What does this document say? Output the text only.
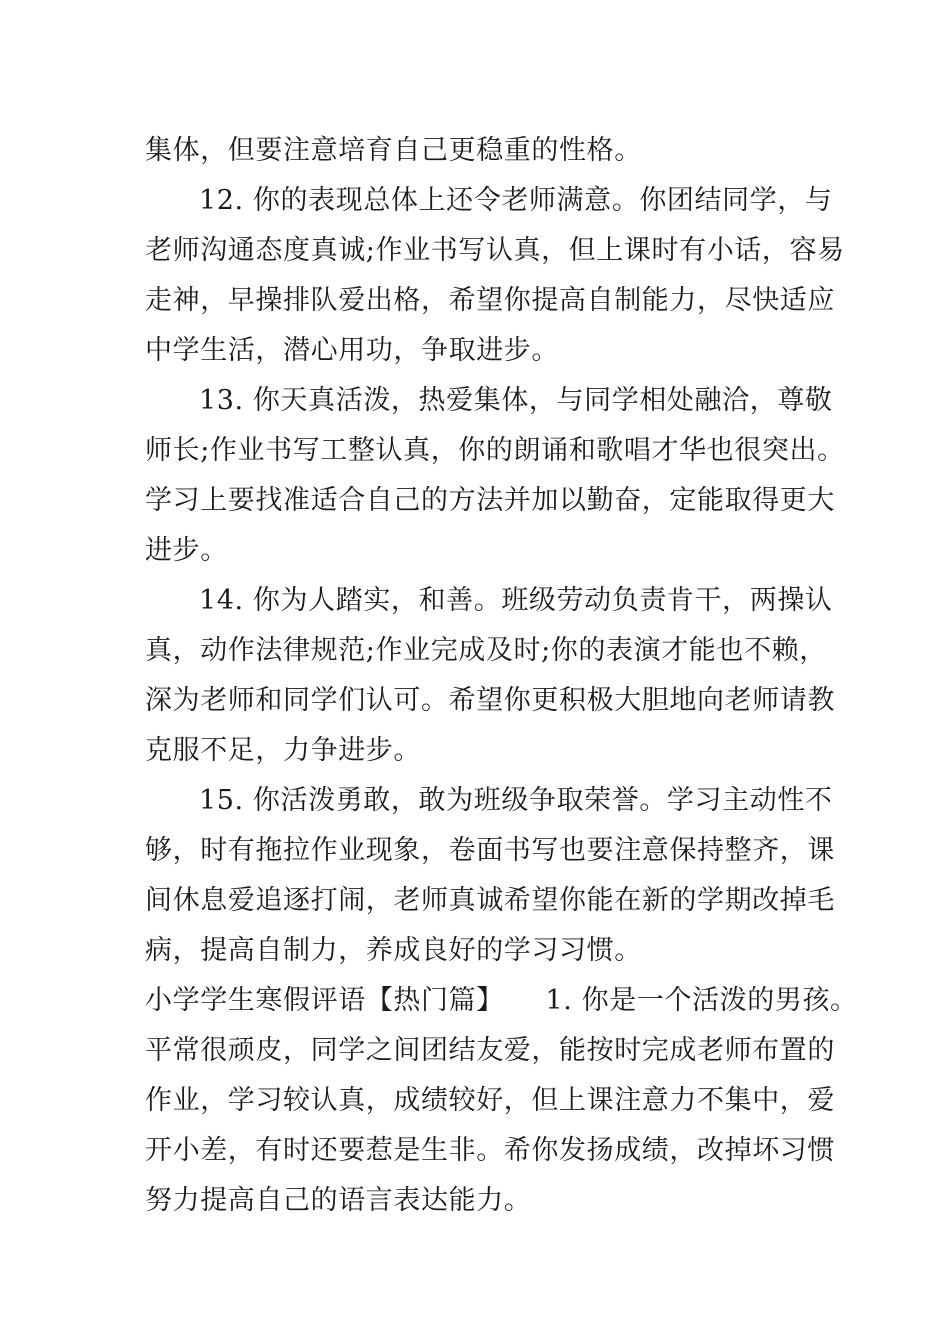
集体，但要注意培育自己更稳重的性格。
12. 你的表现总体上还令老师满意。你团结同学，与
老师沟通态度真诚;作业书写认真，但上课时有小话，容易
走神，早操排队爱出格，希望你提高自制能力，尽快适应
中学生活，潜心用功，争取进步。
13. 你天真活泼，热爱集体，与同学相处融洽，尊敬
师长;作业书写工整认真，你的朗诵和歌唱才华也很突出。
学习上要找准适合自己的方法并加以勤奋，定能取得更大
进步。
14. 你为人踏实，和善。班级劳动负责肯干，两操认
真，动作法律规范;作业完成及时;你的表演才能也不赖，
深为老师和同学们认可。希望你更积极大胆地向老师请教
克服不足，力争进步。
15. 你活泼勇敢，敢为班级争取荣誉。学习主动性不
够，时有拖拉作业现象，卷面书写也要注意保持整齐，课
间休息爱追逐打闹，老师真诚希望你能在新的学期改掉毛
病，提高自制力，养成良好的学习习惯。
小学学生寒假评语【热门篇】　　1. 你是一个活泼的男孩。
平常很顽皮，同学之间团结友爱，能按时完成老师布置的
作业，学习较认真，成绩较好，但上课注意力不集中，爱
开小差，有时还要惹是生非。希你发扬成绩，改掉坏习惯
努力提高自己的语言表达能力。
